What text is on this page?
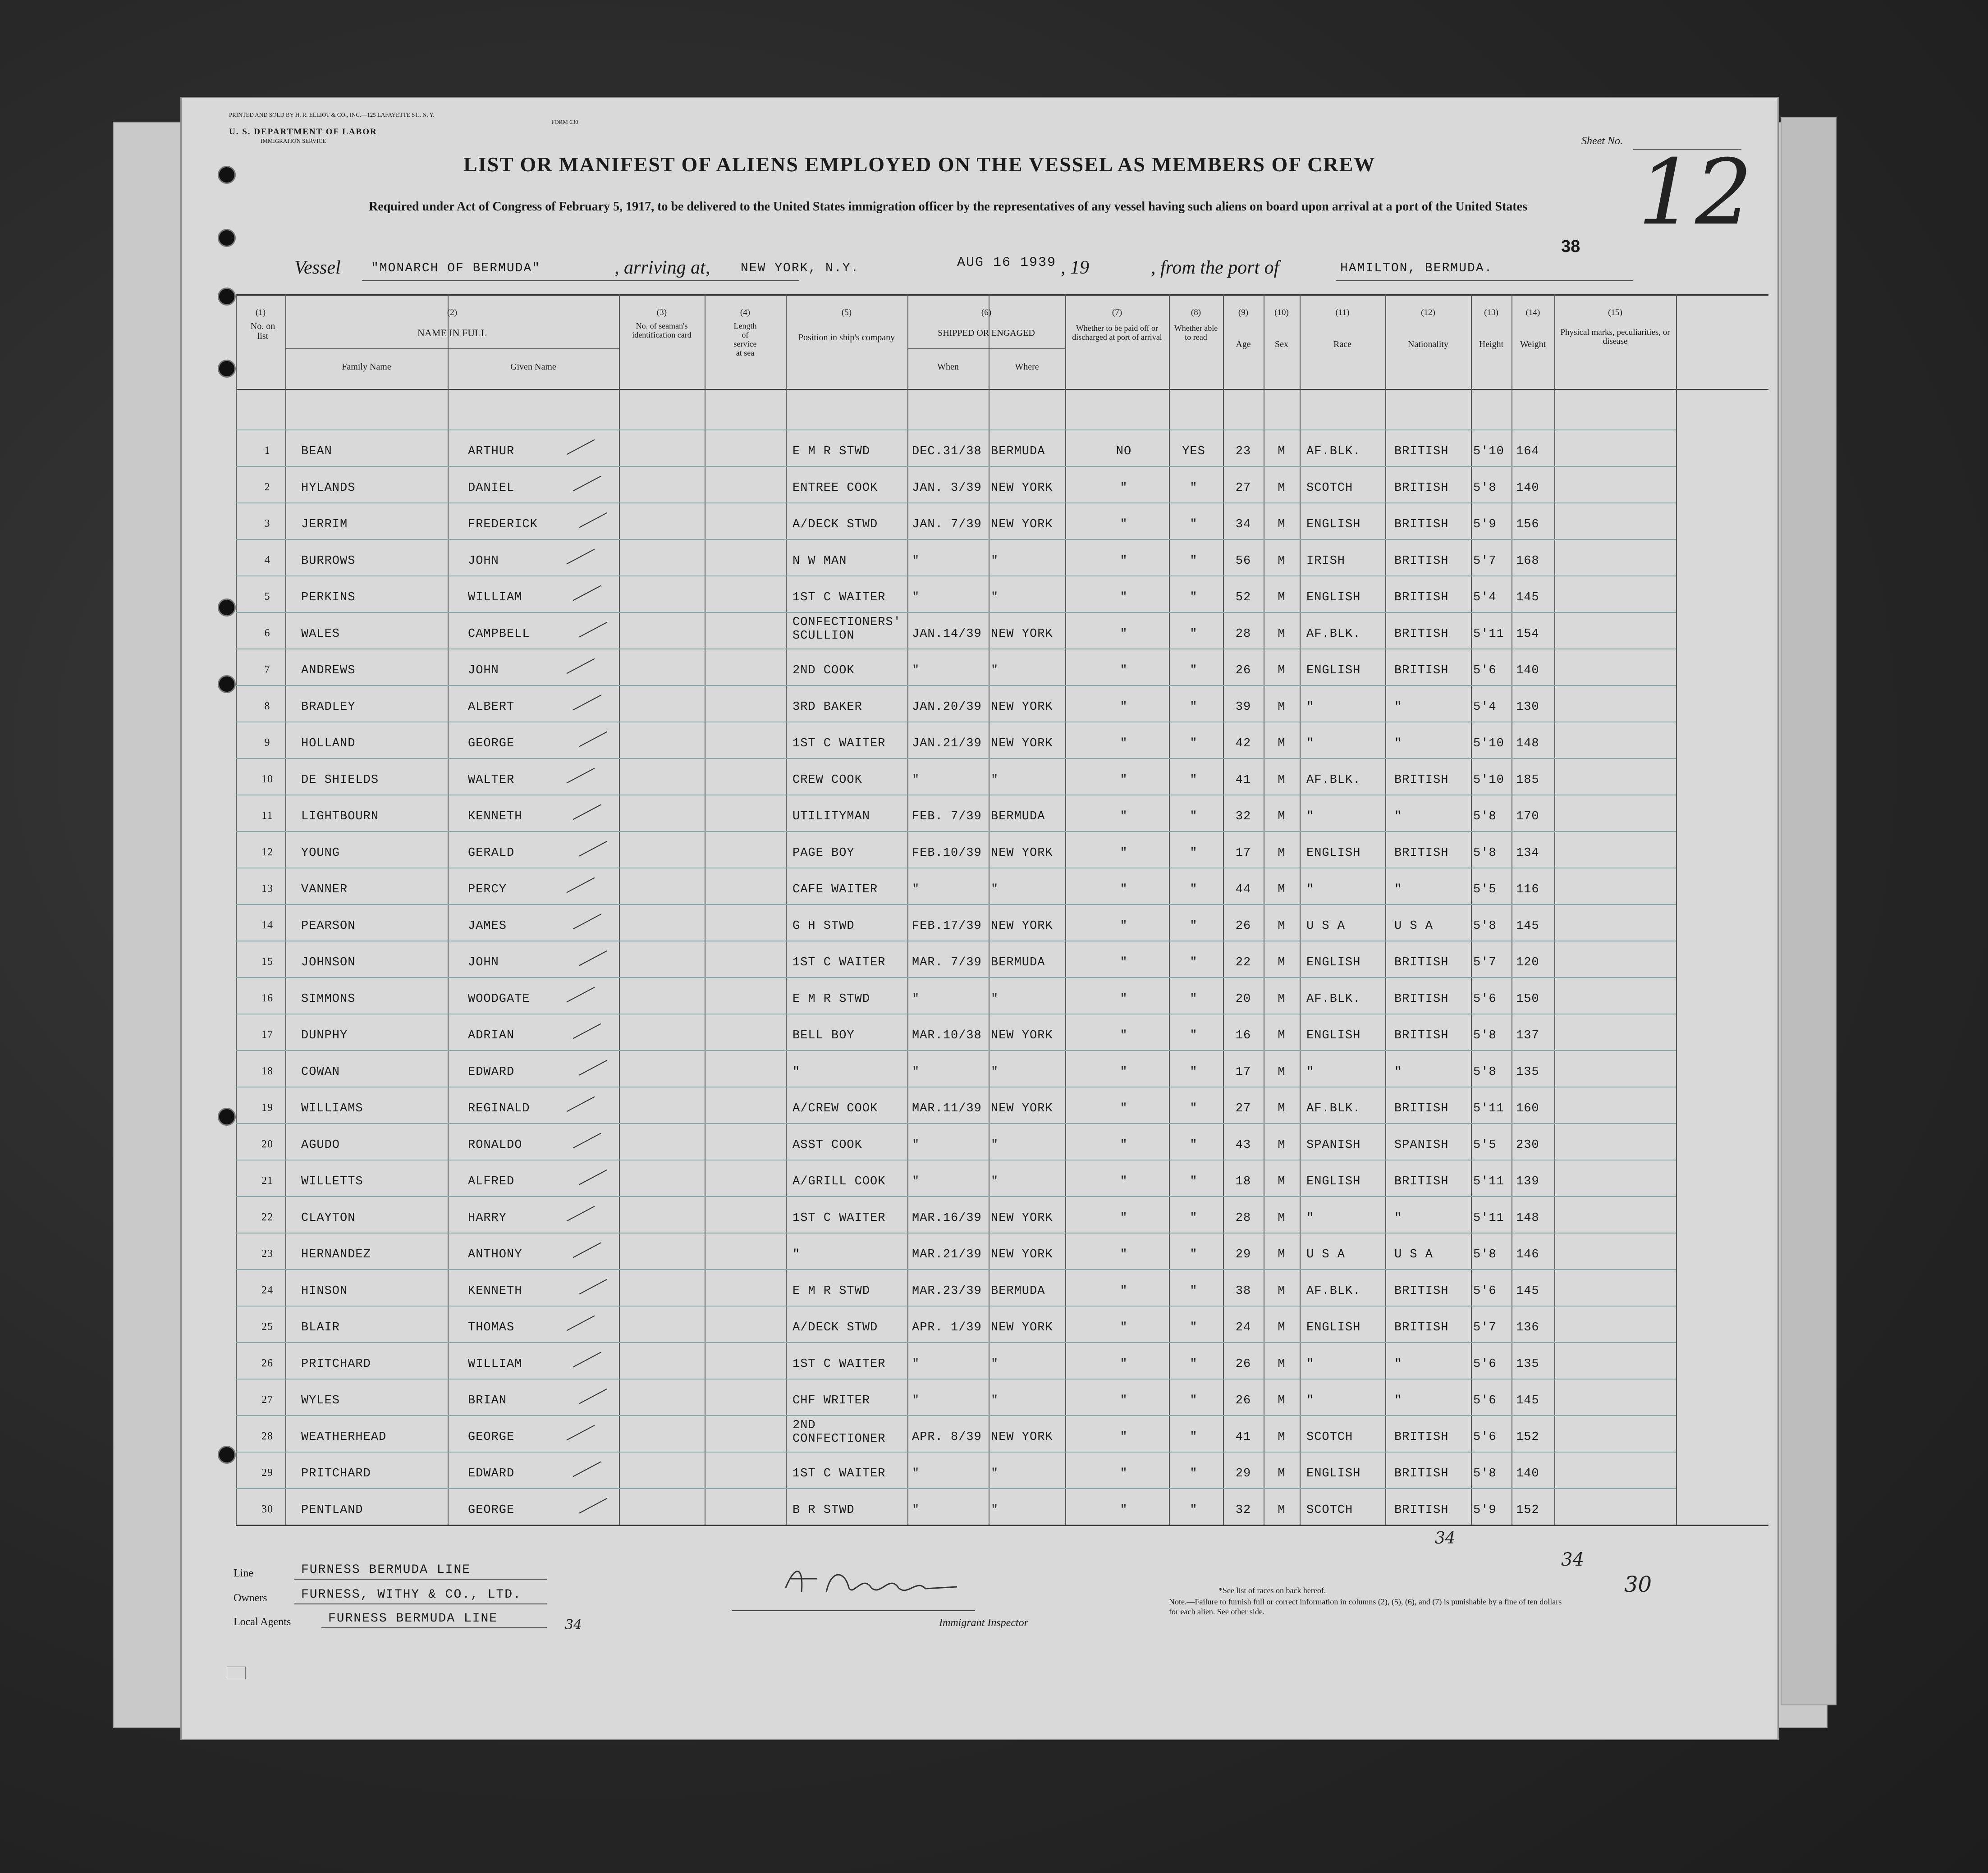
PRINTED AND SOLD BY H. R. ELLIOT & CO., INC.—125 LAFAYETTE ST., N. Y.
FORM 630
U. S. DEPARTMENT OF LABOR
IMMIGRATION SERVICE	Sheet No. 12
LIST OR MANIFEST OF ALIENS EMPLOYED ON THE VESSEL AS MEMBERS OF CREW
Required under Act of Congress of February 5, 1917, to be delivered to the United States immigration officer by the representatives of any vessel having such aliens on board upon arrival at a port of the United States
38
Vessel "MONARCH OF BERMUDA"	, arriving at, NEW YORK, N.Y.	AUG 16 1939 , 19	, from the port of	HAMILTON, BERMUDA.
(1)
No. on list
(2)
NAME IN FULL
Family Name	Given Name
(3)
No. of seaman's identification card
(4)
Length of service at sea
(5)
Position in ship's company
(6)
SHIPPED OR ENGAGED
When	Where
(7)
Whether to be paid off or discharged at port of arrival
(8)
Whether able to read
(9)
Age
(10)
Sex
(11)
Race
(12)
Nationality
(13)
Height
(14)
Weight
(15)
Physical marks, peculiarities, or disease
1	BEAN	ARTHUR	E M R STWD	DEC.31/38 BERMUDA	NO	YES	23	M	AF.BLK.	BRITISH 5'10 164
2	HYLANDS	DANIEL	ENTREE COOK	JAN. 3/39 NEW YORK	"	"	27	M	SCOTCH	BRITISH 5'8 140
3	JERRIM	FREDERICK	A/DECK STWD	JAN. 7/39 NEW YORK	"	"	34	M	ENGLISH	BRITISH 5'9 156
4	BURROWS	JOHN	N W MAN	"	"	"	"	56	M	IRISH	BRITISH 5'7 168
5	PERKINS	WILLIAM	1ST C WAITER "	"	"	"	52	M	ENGLISH	BRITISH 5'4 145
6	WALES	CAMPBELL
CONFECTIONERS' SCULLION	JAN.14/39 NEW YORK	"	"	28	M	AF.BLK.	BRITISH 5'11 154
7	ANDREWS	JOHN	2ND COOK	"	"	"	"	26	M	ENGLISH	BRITISH 5'6 140
8	BRADLEY	ALBERT	3RD BAKER	JAN.20/39 NEW YORK	"	"	39	M	"	"	5'4 130
9	HOLLAND	GEORGE	1ST C WAITER JAN.21/39 NEW YORK	"	"	42	M	"	"	5'10 148
10	DE SHIELDS	WALTER	CREW COOK	"	"	"	"	41	M	AF.BLK.	BRITISH 5'10 185
11	LIGHTBOURN	KENNETH	UTILITYMAN	FEB. 7/39 BERMUDA	"	"	32	M	"	"	5'8 170
12	YOUNG	GERALD	PAGE BOY	FEB.10/39 NEW YORK	"	"	17	M	ENGLISH	BRITISH 5'8 134
13	VANNER	PERCY	CAFE WAITER	"	"	"	"	44	M	"	"	5'5 116
14	PEARSON	JAMES	G H STWD	FEB.17/39 NEW YORK	"	"	26	M	U S A	U S A	5'8 145
15	JOHNSON	JOHN	1ST C WAITER MAR. 7/39 BERMUDA	"	"	22	M	ENGLISH	BRITISH 5'7 120
16	SIMMONS	WOODGATE	E M R STWD	"	"	"	"	20	M	AF.BLK.	BRITISH 5'6 150
17	DUNPHY	ADRIAN	BELL BOY	MAR.10/38 NEW YORK	"	"	16	M	ENGLISH	BRITISH 5'8 137
18	COWAN	EDWARD	"	"	"	"	"	17	M	"	"	5'8 135
19	WILLIAMS	REGINALD	A/CREW COOK	MAR.11/39 NEW YORK	"	"	27	M	AF.BLK.	BRITISH 5'11 160
20	AGUDO	RONALDO	ASST COOK	"	"	"	"	43	M	SPANISH	SPANISH 5'5 230
21	WILLETTS	ALFRED	A/GRILL COOK "	"	"	"	18	M	ENGLISH	BRITISH 5'11 139
22	CLAYTON	HARRY	1ST C WAITER MAR.16/39 NEW YORK	"	"	28	M	"	"	5'11 148
23	HERNANDEZ	ANTHONY	"	MAR.21/39 NEW YORK	"	"	29	M	U S A	U S A	5'8 146
24	HINSON	KENNETH	E M R STWD	MAR.23/39 BERMUDA	"	"	38	M	AF.BLK.	BRITISH 5'6 145
25	BLAIR	THOMAS	A/DECK STWD	APR. 1/39 NEW YORK	"	"	24	M	ENGLISH	BRITISH 5'7 136
26	PRITCHARD	WILLIAM	1ST C WAITER "	"	"	"	26	M	"	"	5'6 135
27	WYLES	BRIAN	CHF WRITER	"	"	"	"	26	M	"	"	5'6 145
28	WEATHERHEAD	GEORGE
2ND CONFECTIONER	APR. 8/39 NEW YORK	"	"	41	M	SCOTCH	BRITISH 5'6 152
29	PRITCHARD	EDWARD	1ST C WAITER "	"	"	"	29	M	ENGLISH	BRITISH 5'8 140
30	PENTLAND	GEORGE	B R STWD	"	"	"	"	32	M	SCOTCH	BRITISH 5'9 152
Line	FURNESS BERMUDA LINE
Owners	FURNESS, WITHY & CO., LTD.
Local Agents	FURNESS BERMUDA LINE	34	Immigrant Inspector
*See list of races on back hereof.
Note.—Failure to furnish full or correct information in columns (2), (5), (6), and (7) is punishable by a fine of ten dollars for each alien. See other side.
34
34
30
